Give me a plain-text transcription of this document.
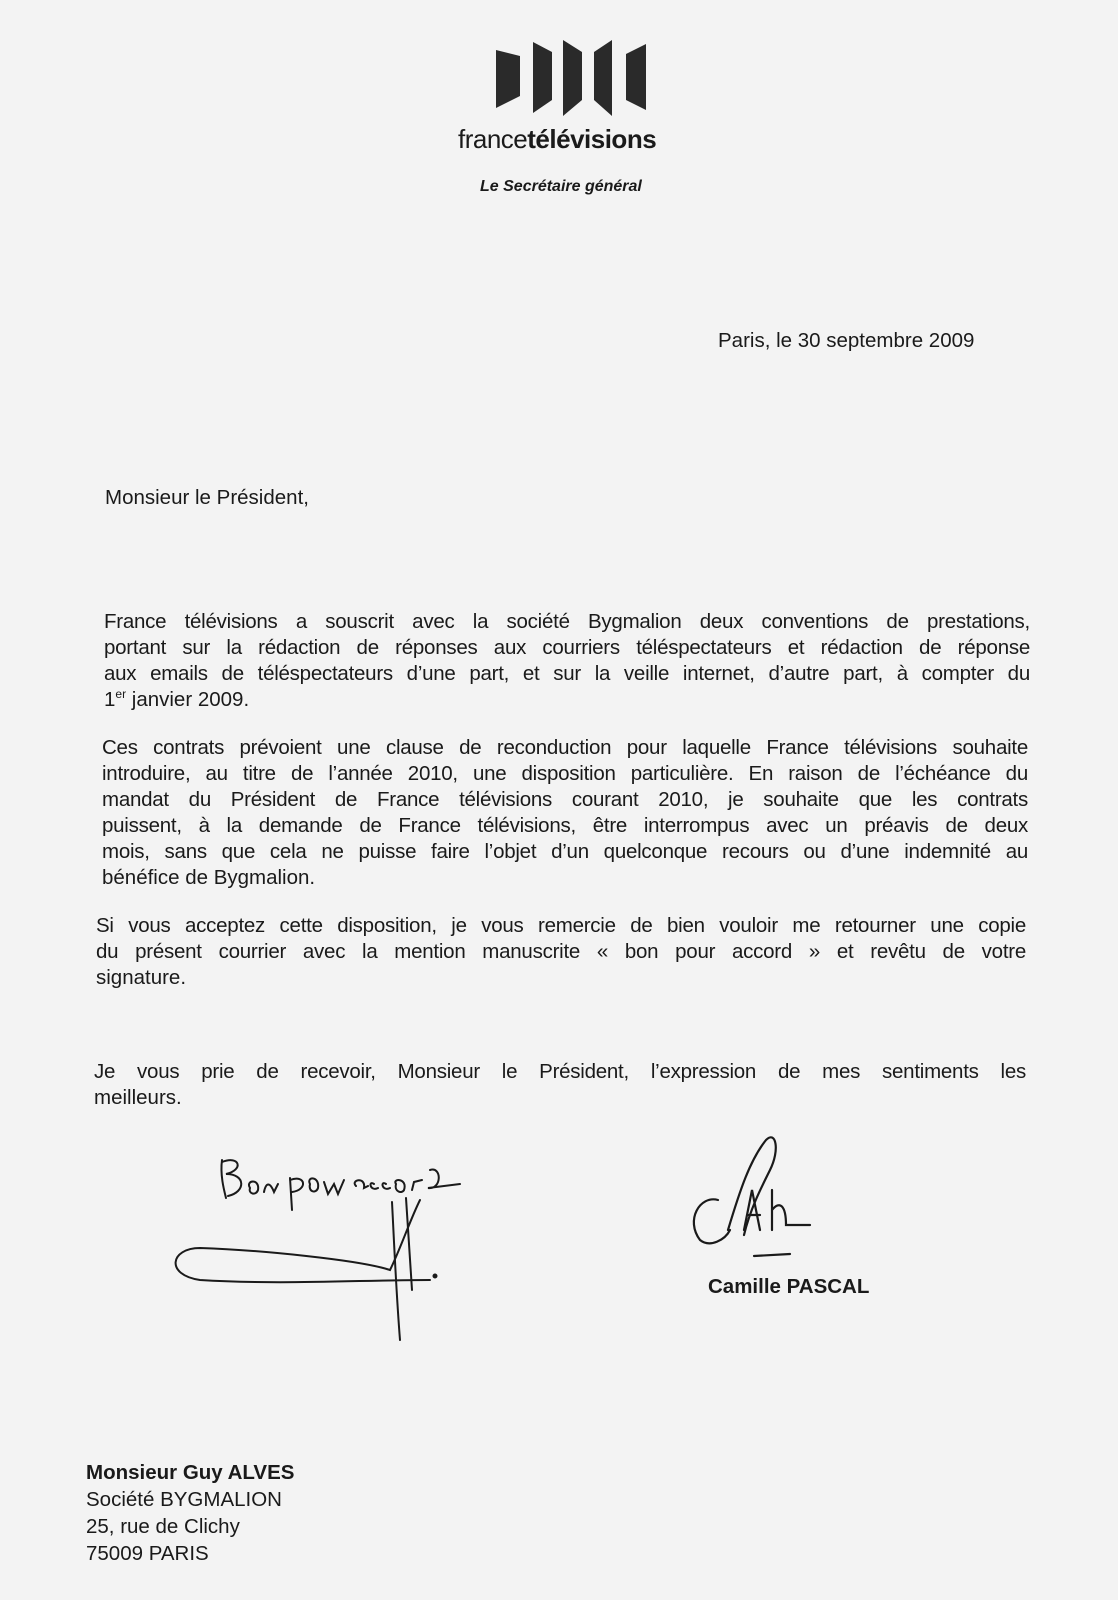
francetélévisions
Le Secrétaire général
Paris, le 30 septembre 2009
Monsieur le Président,
France télévisions a souscrit avec la société Bygmalion deux conventions de prestations,
portant sur la rédaction de réponses aux courriers téléspectateurs et rédaction de réponse
aux emails de téléspectateurs d’une part, et sur la veille internet, d’autre part, à compter du
1er janvier 2009.
Ces contrats prévoient une clause de reconduction pour laquelle France télévisions souhaite
introduire, au titre de l’année 2010, une disposition particulière. En raison de l’échéance du
mandat du Président de France télévisions courant 2010, je souhaite que les contrats
puissent, à la demande de France télévisions, être interrompus avec un préavis de deux
mois, sans que cela ne puisse faire l’objet d’un quelconque recours ou d’une indemnité au
bénéfice de Bygmalion.
Si vous acceptez cette disposition, je vous remercie de bien vouloir me retourner une copie
du présent courrier avec la mention manuscrite « bon pour accord » et revêtu de votre
signature.
Je vous prie de recevoir, Monsieur le Président, l’expression de mes sentiments les
meilleurs.
Camille PASCAL
Monsieur Guy ALVES
Société BYGMALION
25, rue de Clichy
75009 PARIS
